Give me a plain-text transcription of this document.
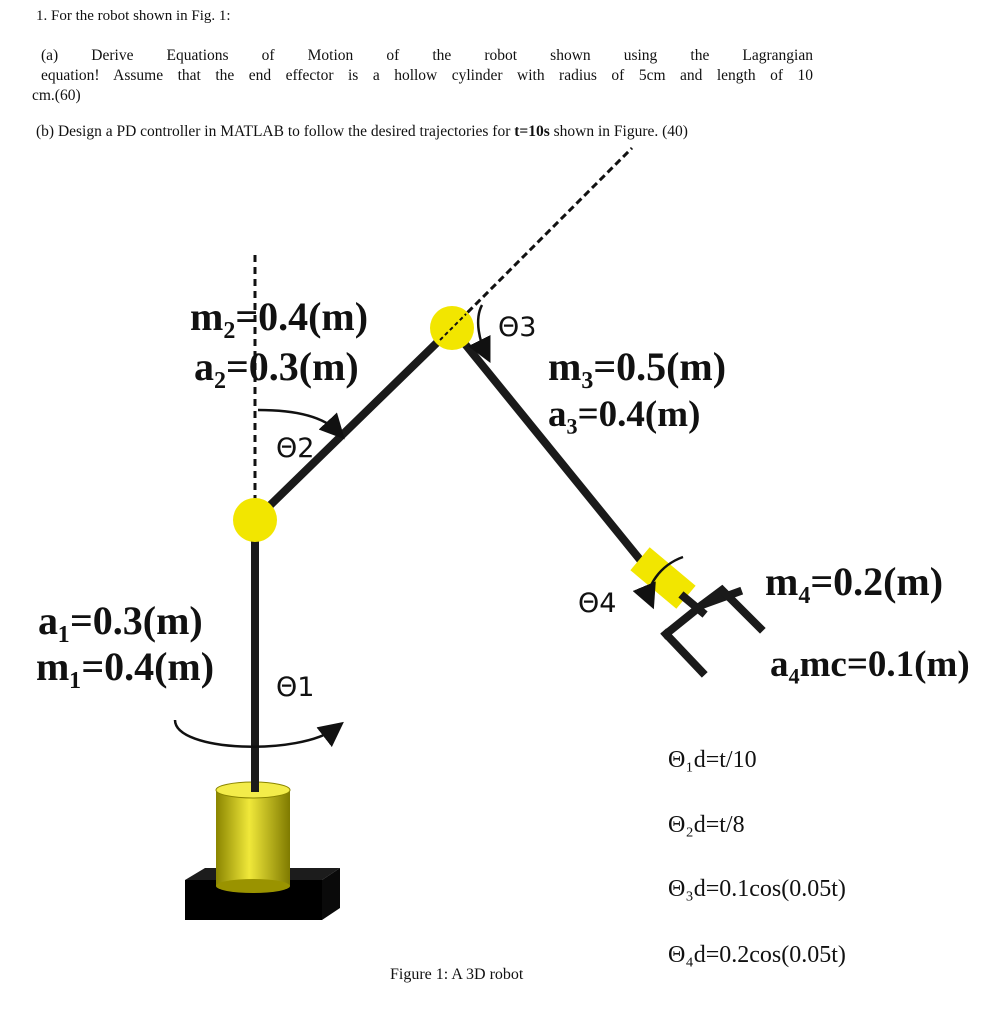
1. For the robot shown in Fig. 1:

(a) Derive Equations of Motion of the robot shown using the Lagrangian
equation! Assume that the end effector is a hollow cylinder with radius of 5cm and length of 10
cm.(60)
(b) Design a PD controller in MATLAB to follow the desired trajectories for t=10s shown in Figure. (40)
m₂=0.4(m)
a₂=0.3(m)
a₁=0.3(m)
m₁=0.4(m)
m₃=0.5(m)
a₃=0.4(m)
m₄=0.2(m)
a₄mc=0.1(m)
Θ1
Θ2
Θ3
Θ4
Θ₁d=t/10
Θ₂d=t/8
Θ₃d=0.1cos(0.05t)
Θ₄d=0.2cos(0.05t)
Figure 1: A 3D robot
